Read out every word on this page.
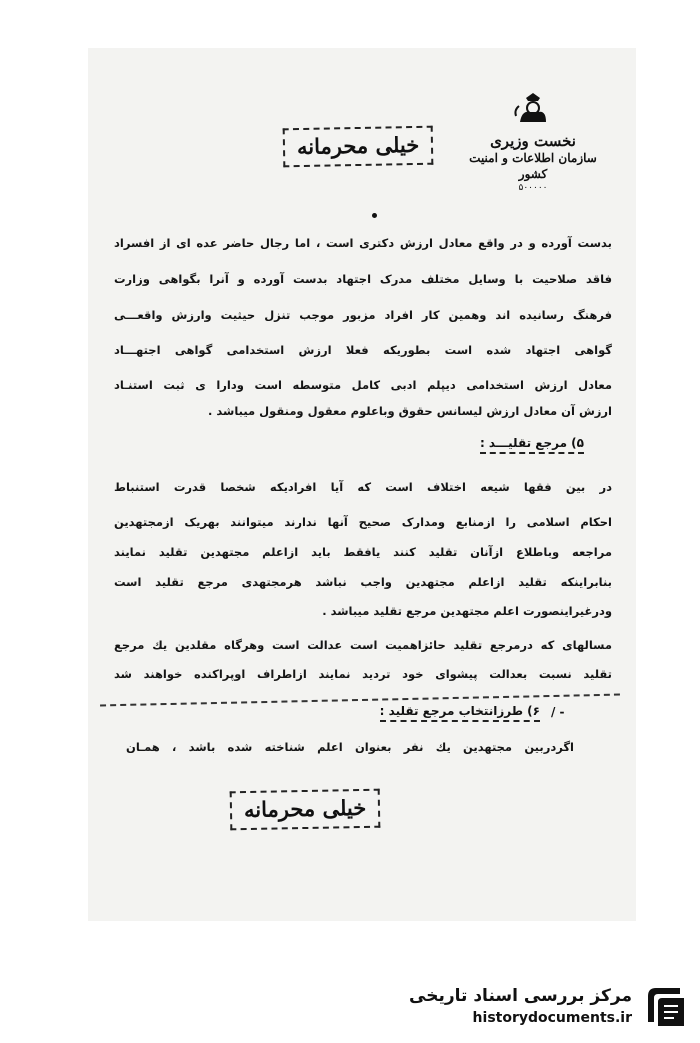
نخست وزیری
سازمان اطلاعات و امنیت کشور
۵۰۰۰۰۰
خیلی محرمانه
بدست آورده و در واقع معادل ارزش دکتری است ، اما رجال حاضر عده ای از افسراد
فاقد صلاحیت با وسایل مختلف مدرک اجتهاد بدست آورده و آنرا بگواهی وزارت
فرهنگ رسانیده اند وهمین کار افراد مزبور موجب تنزل حیثیت وارزش واقعـــی
گواهی اجتهاد شده است بطوریکه فعلا ارزش استخدامی گواهی اجتهـــاد
معادل ارزش استخدامی دیپلم ادبی کامل متوسطه است ودارا ی ثبت استنـاد
ارزش آن معادل ارزش لیسانس حقوق وباعلوم معقول ومنقول میباشد .
۵) مرجع تقلیـــد :
در بین فقها شیعه اختلاف است که آیا افرادیکه شخصا قدرت استنباط
احکام اسلامی را ازمنابع ومدارک صحیح آنها ندارند میتوانند بهریک ازمجتهدین
مراجعه وباطلاع ازآنان تقلید کنند یافقط باید ازاعلم مجتهدین تقلید نمایند
بنابراینکه تقلید ازاعلم مجتهدین واجب نباشد هرمجتهدی مرجع تقلید است
ودرغیراینصورت اعلم مجتهدین مرجع تقلید میباشد .
مسالهای که درمرجع تقلید حائزاهمیت است عدالت است وهرگاه مقلدین یك مرجع
تقلید نسبت بعدالت پیشوای خود تردید نمایند ازاطراف اوپراکنده خواهند شد
/ -
۶) طرزانتخاب مرجع تقلید :
اگردربین مجتهدین یك نفر بعنوان اعلم شناخته شده باشد ، همـان
خیلی محرمانه
مرکز بررسی اسناد تاریخی
historydocuments.ir
